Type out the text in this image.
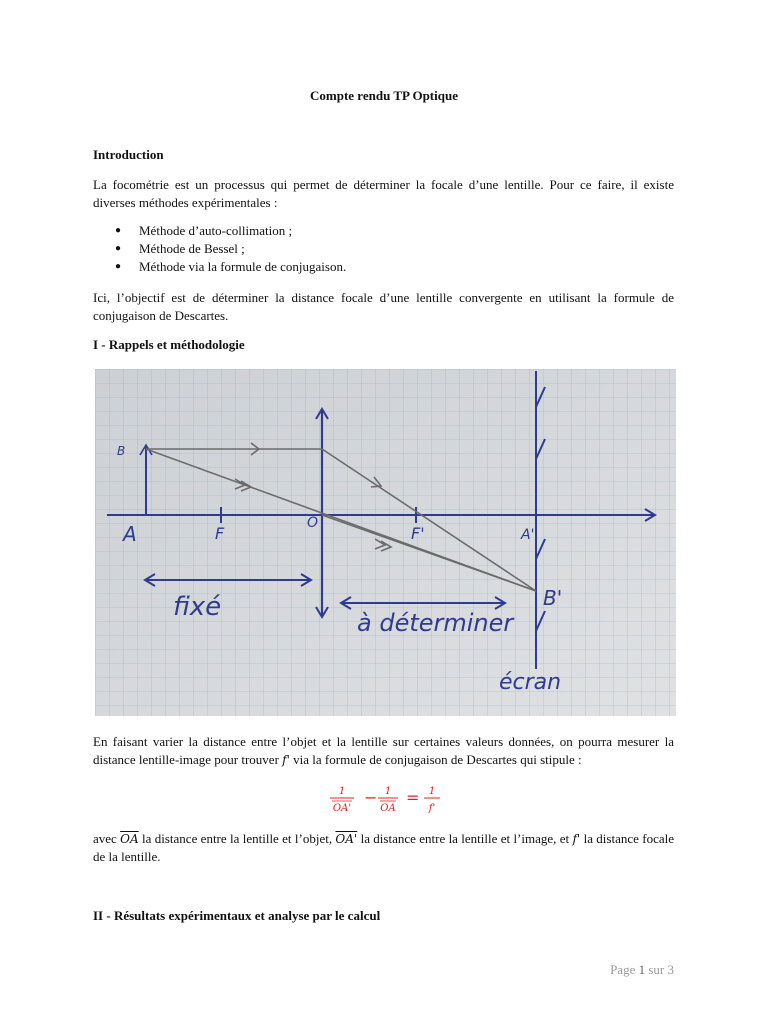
Compte rendu TP Optique
Introduction
La focométrie est un processus qui permet de déterminer la focale d’une lentille. Pour ce faire, il existe diverses méthodes expérimentales :
● Méthode d’auto-collimation ;
● Méthode de Bessel ;
● Méthode via la formule de conjugaison.
Ici, l’objectif est de déterminer la distance focale d’une lentille convergente en utilisant la formule de conjugaison de Descartes.
I - Rappels et méthodologie
B
A	F
O
F'	A'
B'
fixé
à déterminer
écran
En faisant varier la distance entre l’objet et la lentille sur certaines valeurs données, on pourra mesurer la distance lentille-image pour trouver f' via la formule de conjugaison de Descartes qui stipule :
1
OA'
− 1
OA
= 1
f'
avec $\overline{OA}$ la distance entre la lentille et l’objet, OA' la distance entre la lentille et l’image, et f' la distance focale de la lentille.
II - Résultats expérimentaux et analyse par le calcul
Page 1 sur 3
